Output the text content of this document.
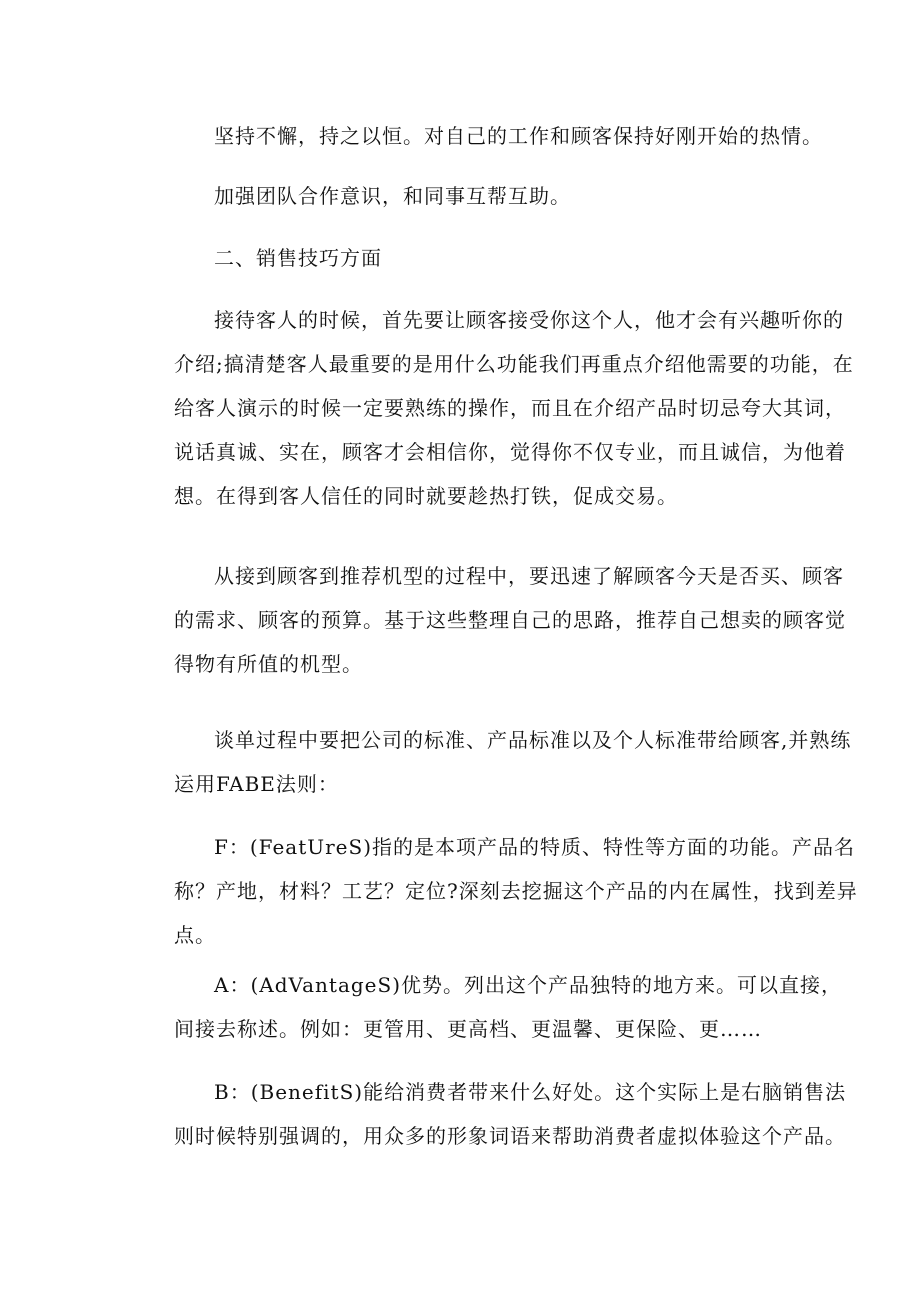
坚持不懈，持之以恒。对自己的工作和顾客保持好刚开始的热情。
加强团队合作意识，和同事互帮互助。
二、销售技巧方面
接待客人的时候，首先要让顾客接受你这个人，他才会有兴趣听你的
介绍;搞清楚客人最重要的是用什么功能我们再重点介绍他需要的功能，在
给客人演示的时候一定要熟练的操作，而且在介绍产品时切忌夸大其词，
说话真诚、实在，顾客才会相信你，觉得你不仅专业，而且诚信，为他着
想。在得到客人信任的同时就要趁热打铁，促成交易。
从接到顾客到推荐机型的过程中，要迅速了解顾客今天是否买、顾客
的需求、顾客的预算。基于这些整理自己的思路，推荐自己想卖的顾客觉
得物有所值的机型。
谈单过程中要把公司的标准、产品标准以及个人标准带给顾客,并熟练
运用FABE法则：
F：(FeatUreS)指的是本项产品的特质、特性等方面的功能。产品名
称？产地，材料？工艺？定位?深刻去挖掘这个产品的内在属性，找到差异
点。
A：(AdVantageS)优势。列出这个产品独特的地方来。可以直接，
间接去称述。例如：更管用、更高档、更温馨、更保险、更……
B：(BenefitS)能给消费者带来什么好处。这个实际上是右脑销售法
则时候特别强调的，用众多的形象词语来帮助消费者虚拟体验这个产品。
